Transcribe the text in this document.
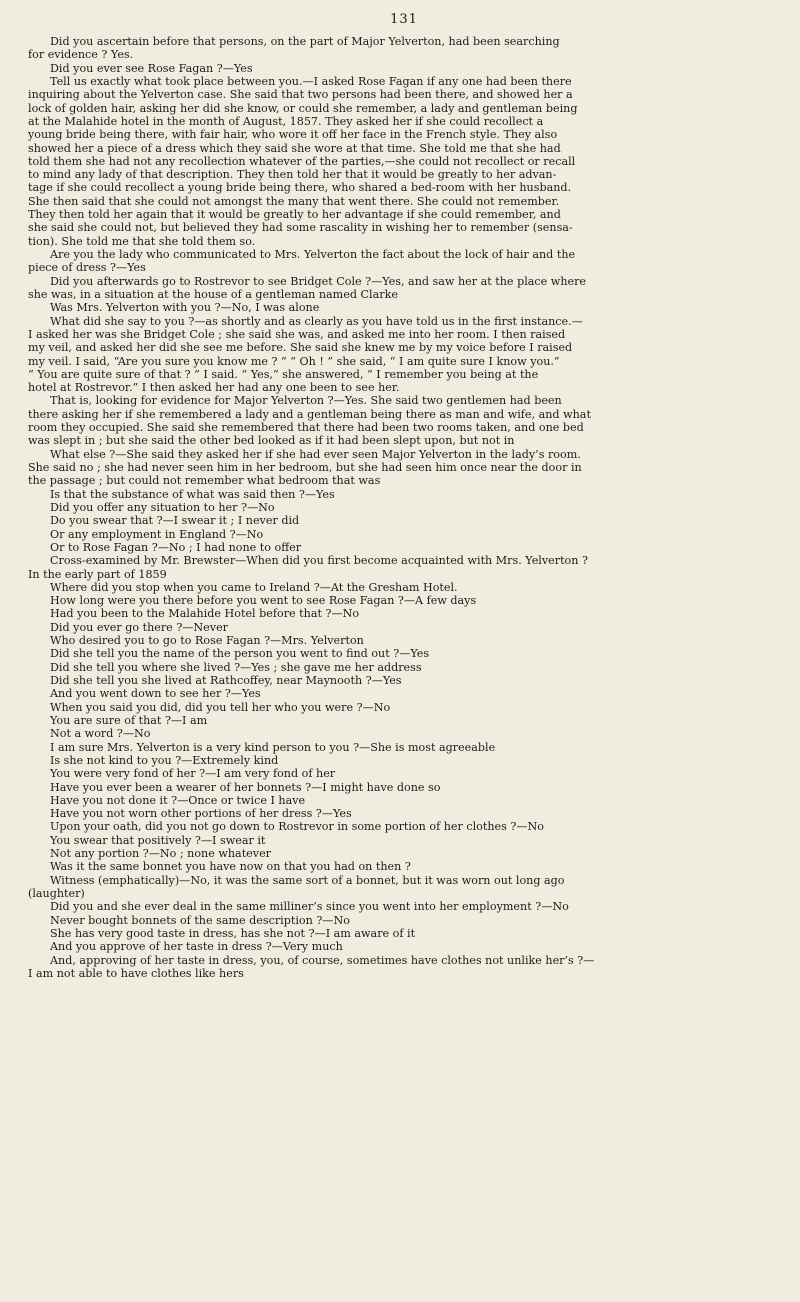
131
Did you ascertain before that persons, on the part of Major Yelverton, had been searching
for evidence ? Yes.
Did you ever see Rose Fagan ?—Yes
Tell us exactly what took place between you.—I asked Rose Fagan if any one had been there
inquiring about the Yelverton case. She said that two persons had been there, and showed her a
lock of golden hair, asking her did she know, or could she remember, a lady and gentleman being
at the Malahide hotel in the month of August, 1857. They asked her if she could recollect a
young bride being there, with fair hair, who wore it off her face in the French style. They also
showed her a piece of a dress which they said she wore at that time. She told me that she had
told them she had not any recollection whatever of the parties,—she could not recollect or recall
to mind any lady of that description. They then told her that it would be greatly to her advan-
tage if she could recollect a young bride being there, who shared a bed-room with her husband.
She then said that she could not amongst the many that went there. She could not remember.
They then told her again that it would be greatly to her advantage if she could remember, and
she said she could not, but believed they had some rascality in wishing her to remember (sensa-
tion). She told me that she told them so.
Are you the lady who communicated to Mrs. Yelverton the fact about the lock of hair and the
piece of dress ?—Yes
Did you afterwards go to Rostrevor to see Bridget Cole ?—Yes, and saw her at the place where
she was, in a situation at the house of a gentleman named Clarke
Was Mrs. Yelverton with you ?—No, I was alone
What did she say to you ?—as shortly and as clearly as you have told us in the first instance.—
I asked her was she Bridget Cole ; she said she was, and asked me into her room. I then raised
my veil, and asked her did she see me before. She said she knew me by my voice before I raised
my veil. I said, “Are you sure you know me ? ” “ Oh ! ” she said, “ I am quite sure I know you.”
“ You are quite sure of that ? ” I said. “ Yes,” she answered, “ I remember you being at the
hotel at Rostrevor.” I then asked her had any one been to see her.
That is, looking for evidence for Major Yelverton ?—Yes. She said two gentlemen had been
there asking her if she remembered a lady and a gentleman being there as man and wife, and what
room they occupied. She said she remembered that there had been two rooms taken, and one bed
was slept in ; but she said the other bed looked as if it had been slept upon, but not in
What else ?—She said they asked her if she had ever seen Major Yelverton in the lady’s room.
She said no ; she had never seen him in her bedroom, but she had seen him once near the door in
the passage ; but could not remember what bedroom that was
Is that the substance of what was said then ?—Yes
Did you offer any situation to her ?—No
Do you swear that ?—I swear it ; I never did
Or any employment in England ?—No
Or to Rose Fagan ?—No ; I had none to offer
Cross-examined by Mr. Brewster—When did you first become acquainted with Mrs. Yelverton ?
In the early part of 1859
Where did you stop when you came to Ireland ?—At the Gresham Hotel.
How long were you there before you went to see Rose Fagan ?—A few days
Had you been to the Malahide Hotel before that ?—No
Did you ever go there ?—Never
Who desired you to go to Rose Fagan ?—Mrs. Yelverton
Did she tell you the name of the person you went to find out ?—Yes
Did she tell you where she lived ?—Yes ; she gave me her address
Did she tell you she lived at Rathcoffey, near Maynooth ?—Yes
And you went down to see her ?—Yes
When you said you did, did you tell her who you were ?—No
You are sure of that ?—I am
Not a word ?—No
I am sure Mrs. Yelverton is a very kind person to you ?—She is most agreeable
Is she not kind to you ?—Extremely kind
You were very fond of her ?—I am very fond of her
Have you ever been a wearer of her bonnets ?—I might have done so
Have you not done it ?—Once or twice I have
Have you not worn other portions of her dress ?—Yes
Upon your oath, did you not go down to Rostrevor in some portion of her clothes ?—No
You swear that positively ?—I swear it
Not any portion ?—No ; none whatever
Was it the same bonnet you have now on that you had on then ?
Witness (emphatically)—No, it was the same sort of a bonnet, but it was worn out long ago
(laughter)
Did you and she ever deal in the same milliner’s since you went into her employment ?—No
Never bought bonnets of the same description ?—No
She has very good taste in dress, has she not ?—I am aware of it
And you approve of her taste in dress ?—Very much
And, approving of her taste in dress, you, of course, sometimes have clothes not unlike her’s ?—
I am not able to have clothes like hers
